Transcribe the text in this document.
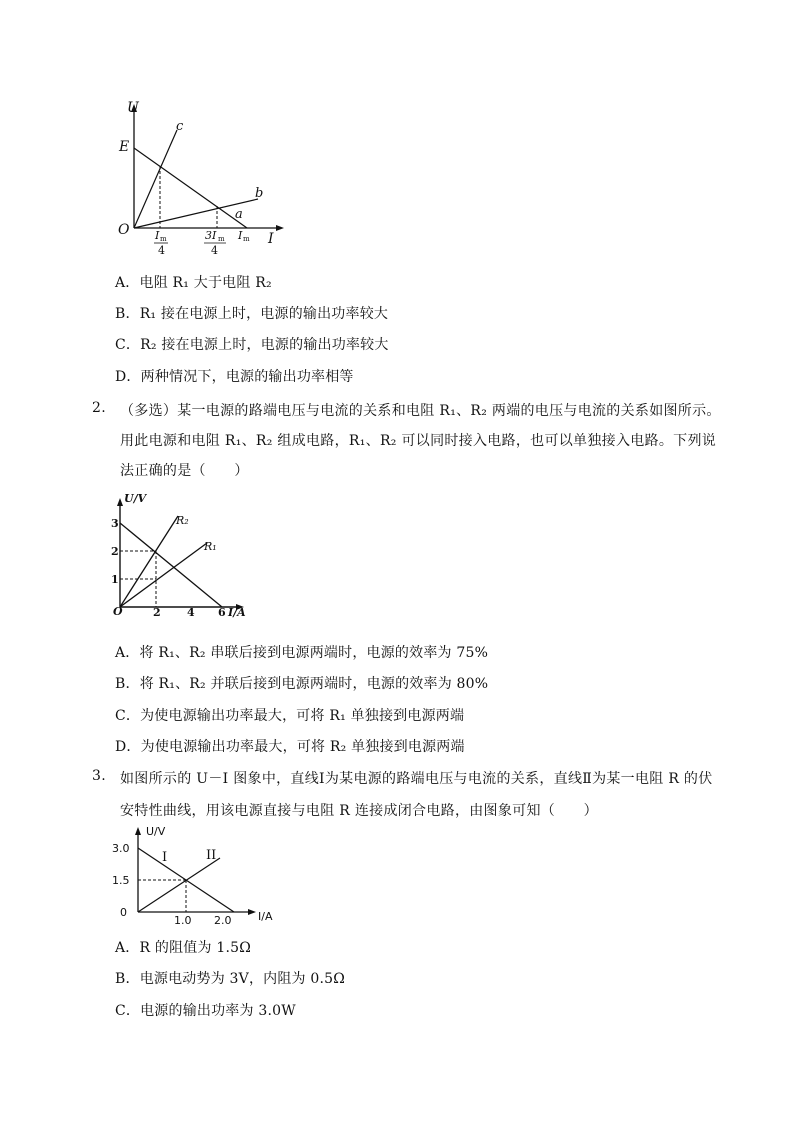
U
E
O
c
b
a
I
I m
4
3I m
4
I m
A．电阻 R₁ 大于电阻 R₂
B．R₁ 接在电源上时，电源的输出功率较大
C．R₂ 接在电源上时，电源的输出功率较大
D．两种情况下，电源的输出功率相等
2. （多选）某一电源的路端电压与电流的关系和电阻 R₁、R₂ 两端的电压与电流的关系如图所示。
用此电源和电阻 R₁、R₂ 组成电路，R₁、R₂ 可以同时接入电路，也可以单独接入电路。下列说
法正确的是（　　）
U/V
I/A
O
1
2
3
2 4 6
R₂
R₁
A．将 R₁、R₂ 串联后接到电源两端时，电源的效率为 75%
B．将 R₁、R₂ 并联后接到电源两端时，电源的效率为 80%
C．为使电源输出功率最大，可将 R₁ 单独接到电源两端
D．为使电源输出功率最大，可将 R₂ 单独接到电源两端
3. 如图所示的 U－I 图象中，直线Ⅰ为某电源的路端电压与电流的关系，直线Ⅱ为某一电阻 R 的伏
安特性曲线，用该电源直接与电阻 R 连接成闭合电路，由图象可知（　　）
U/V
I/A
0
1.5
3.0
1.0 2.0
I	II
A．R 的阻值为 1.5Ω
B．电源电动势为 3V，内阻为 0.5Ω
C．电源的输出功率为 3.0W
